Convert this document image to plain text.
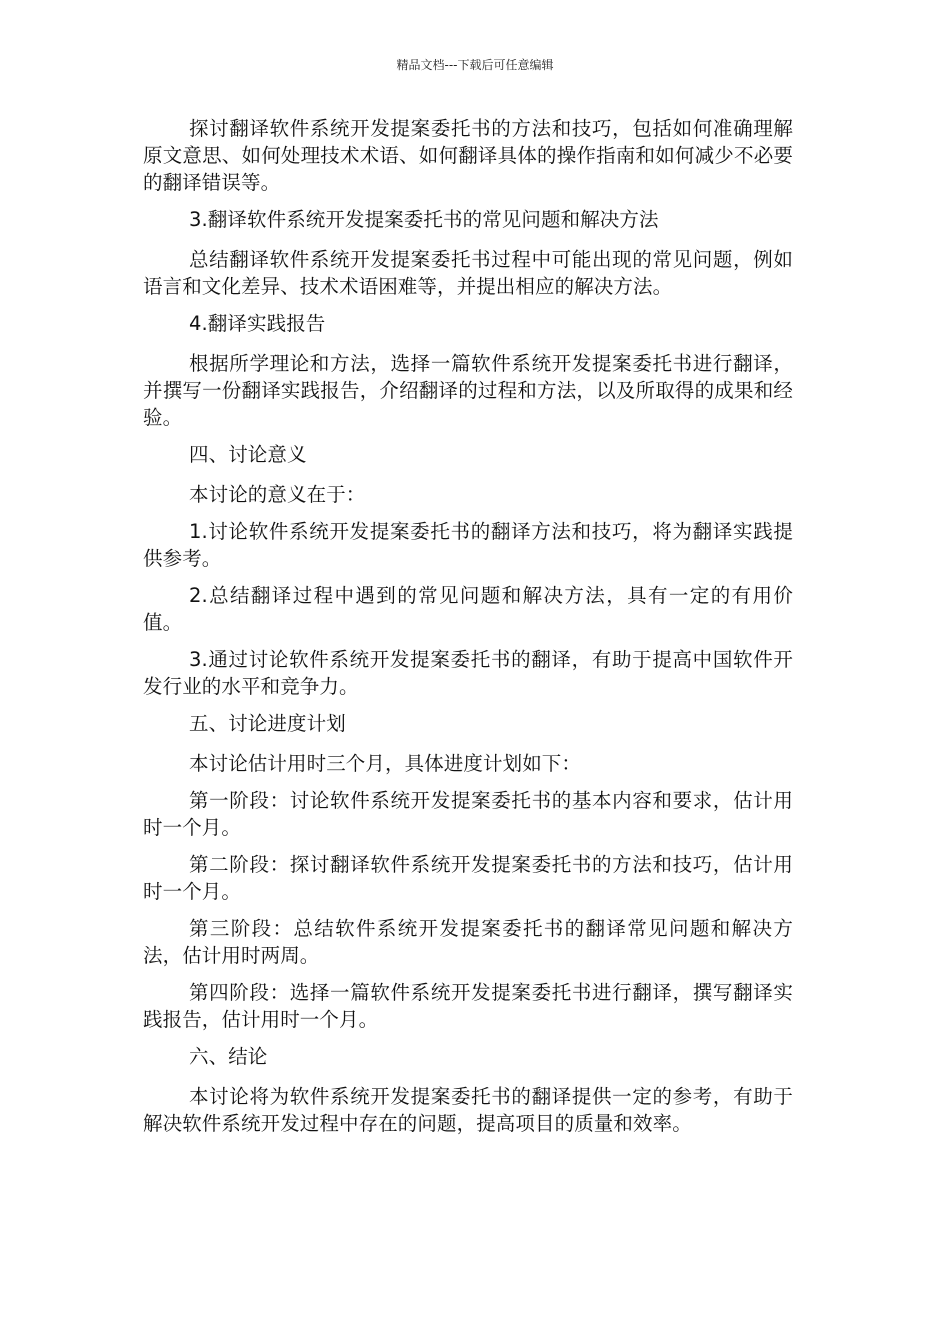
精品文档---下载后可任意编辑

探讨翻译软件系统开发提案委托书的方法和技巧，包括如何准确理解原文意思、如何处理技术术语、如何翻译具体的操作指南和如何减少不必要的翻译错误等。

3.翻译软件系统开发提案委托书的常见问题和解决方法

总结翻译软件系统开发提案委托书过程中可能出现的常见问题，例如语言和文化差异、技术术语困难等，并提出相应的解决方法。

4.翻译实践报告

根据所学理论和方法，选择一篇软件系统开发提案委托书进行翻译，并撰写一份翻译实践报告，介绍翻译的过程和方法，以及所取得的成果和经验。

四、讨论意义

本讨论的意义在于：

1.讨论软件系统开发提案委托书的翻译方法和技巧，将为翻译实践提供参考。

2.总结翻译过程中遇到的常见问题和解决方法，具有一定的有用价值。

3.通过讨论软件系统开发提案委托书的翻译，有助于提高中国软件开发行业的水平和竞争力。

五、讨论进度计划

本讨论估计用时三个月，具体进度计划如下：

第一阶段：讨论软件系统开发提案委托书的基本内容和要求，估计用时一个月。

第二阶段：探讨翻译软件系统开发提案委托书的方法和技巧，估计用时一个月。

第三阶段：总结软件系统开发提案委托书的翻译常见问题和解决方法，估计用时两周。

第四阶段：选择一篇软件系统开发提案委托书进行翻译，撰写翻译实践报告，估计用时一个月。

六、结论

本讨论将为软件系统开发提案委托书的翻译提供一定的参考，有助于解决软件系统开发过程中存在的问题，提高项目的质量和效率。
